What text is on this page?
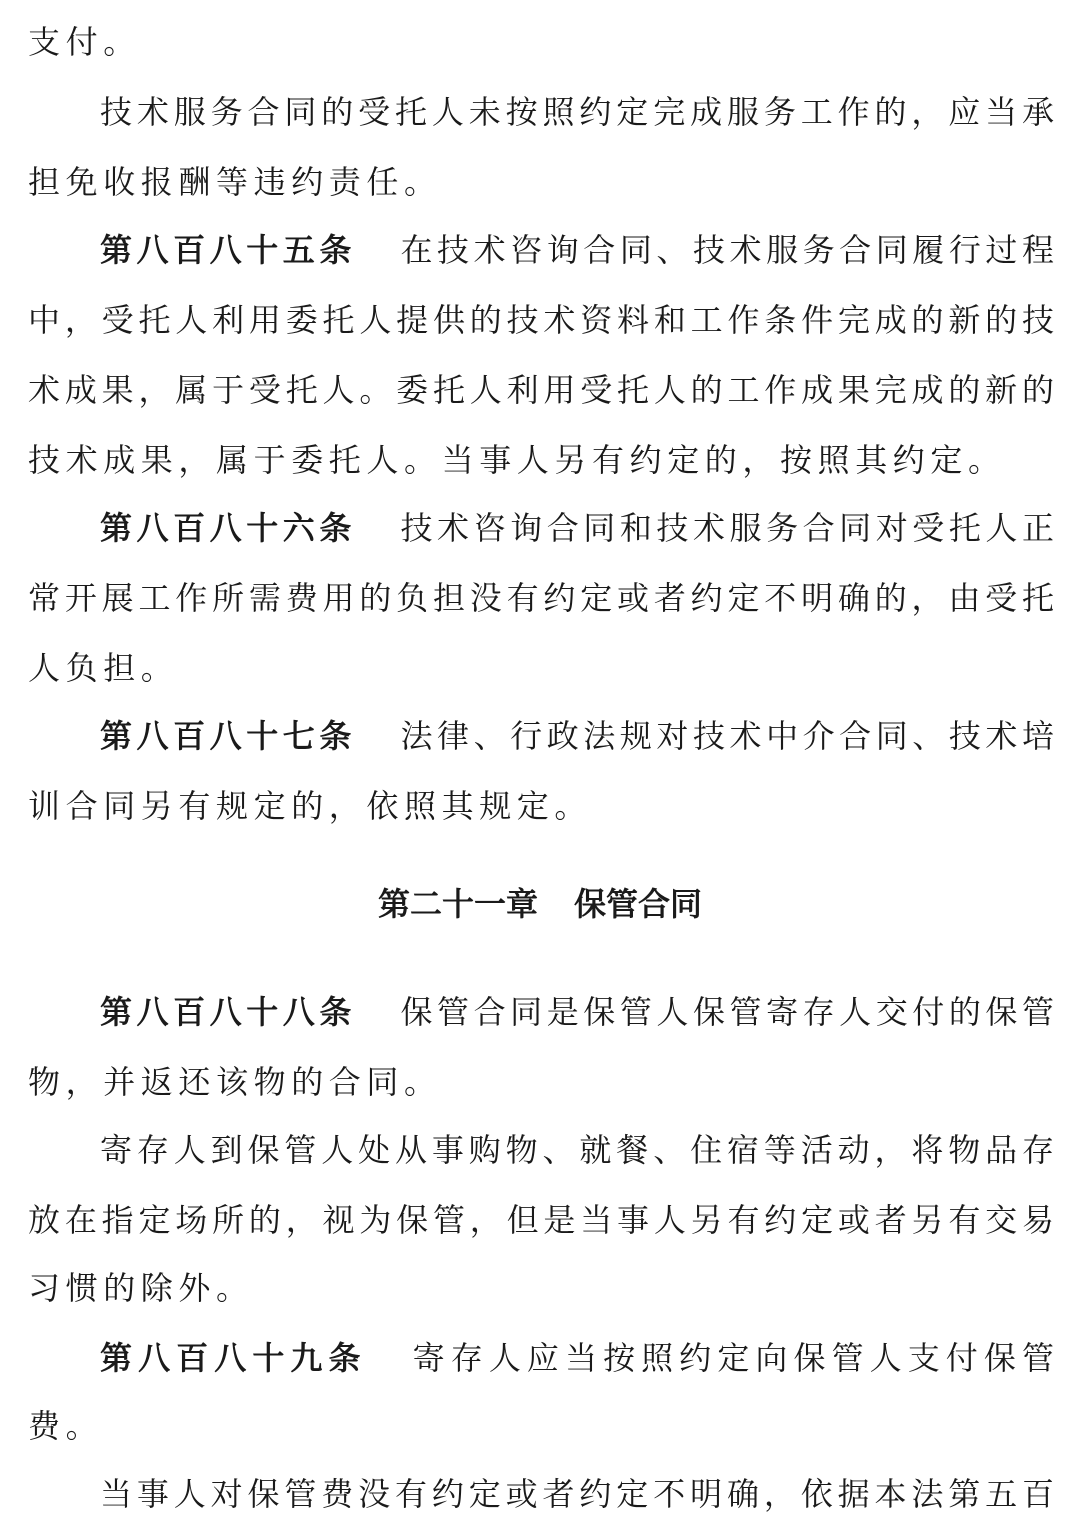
支付。
技术服务合同的受托人未按照约定完成服务工作的，应当承
担免收报酬等违约责任。
第八百八十五条 在技术咨询合同、技术服务合同履行过程
中，受托人利用委托人提供的技术资料和工作条件完成的新的技
术成果，属于受托人。委托人利用受托人的工作成果完成的新的
技术成果，属于委托人。当事人另有约定的，按照其约定。
第八百八十六条 技术咨询合同和技术服务合同对受托人正
常开展工作所需费用的负担没有约定或者约定不明确的，由受托
人负担。
第八百八十七条 法律、行政法规对技术中介合同、技术培
训合同另有规定的，依照其规定。
第八百八十八条 保管合同是保管人保管寄存人交付的保管
物，并返还该物的合同。
寄存人到保管人处从事购物、就餐、住宿等活动，将物品存
放在指定场所的，视为保管，但是当事人另有约定或者另有交易
习惯的除外。
第八百八十九条 寄存人应当按照约定向保管人支付保管
费。
当事人对保管费没有约定或者约定不明确，依据本法第五百
第二十一章 保管合同
